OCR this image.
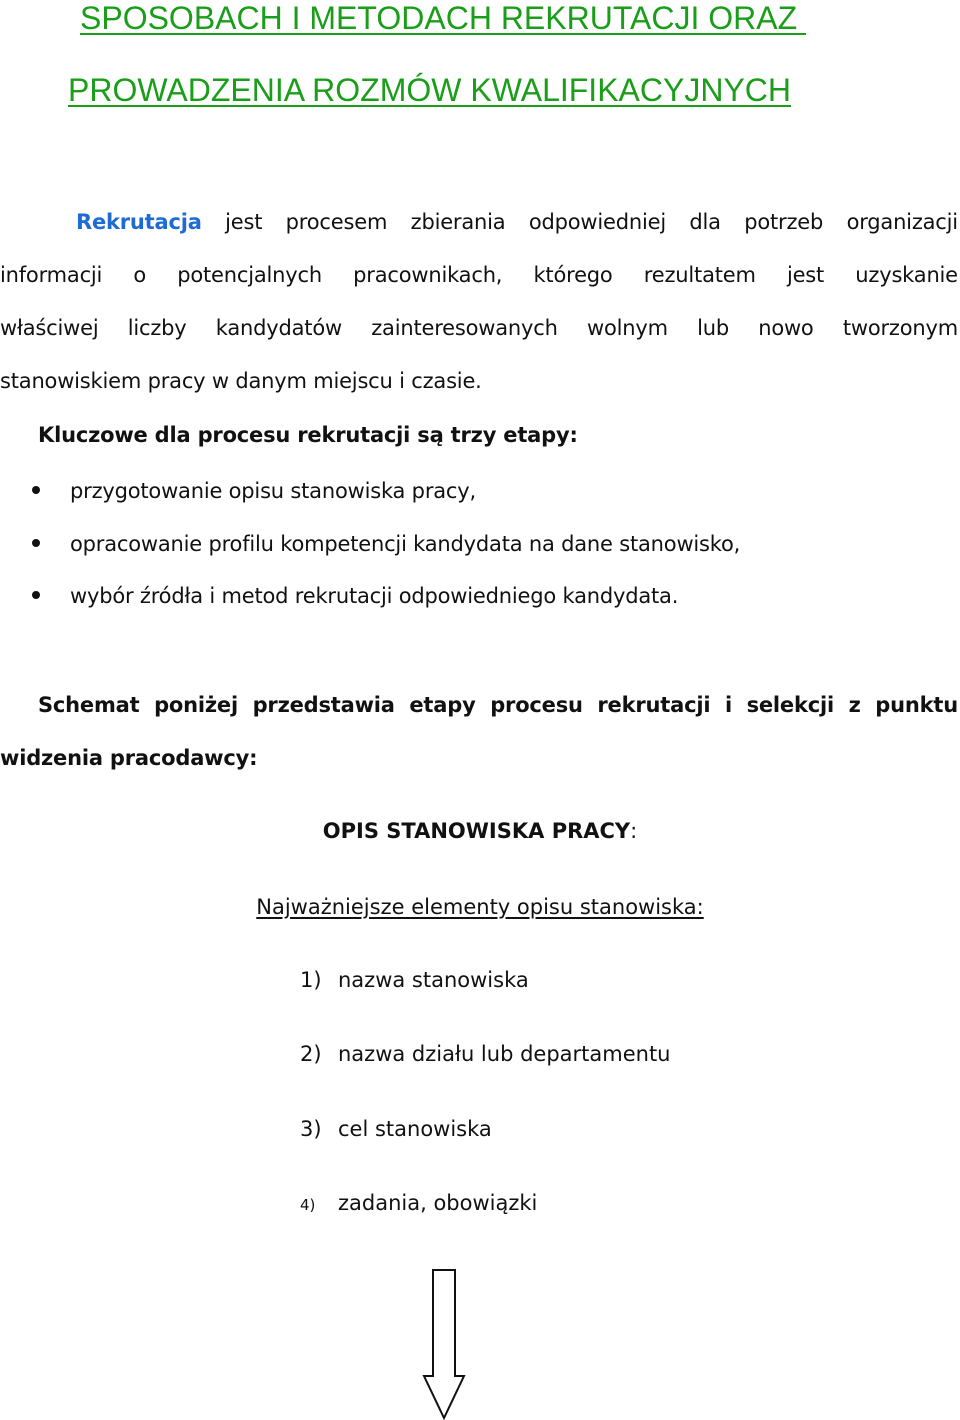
SPOSOBACH I METODACH REKRUTACJI ORAZ
PROWADZENIA ROZMÓW KWALIFIKACYJNYCH
Rekrutacja jest procesem zbierania odpowiedniej dla potrzeb organizacji
informacji o potencjalnych pracownikach, którego rezultatem jest uzyskanie
właściwej liczby kandydatów zainteresowanych wolnym lub nowo tworzonym
stanowiskiem pracy w danym miejscu i czasie.
Kluczowe dla procesu rekrutacji są trzy etapy:
przygotowanie opisu stanowiska pracy,
opracowanie profilu kompetencji kandydata na dane stanowisko,
wybór źródła i metod rekrutacji odpowiedniego kandydata.
Schemat poniżej przedstawia etapy procesu rekrutacji i selekcji z punktu
widzenia pracodawcy:
OPIS STANOWISKA PRACY:
Najważniejsze elementy opisu stanowiska:
1) nazwa stanowiska
2) nazwa działu lub departamentu
3) cel stanowiska
4) zadania, obowiązki
